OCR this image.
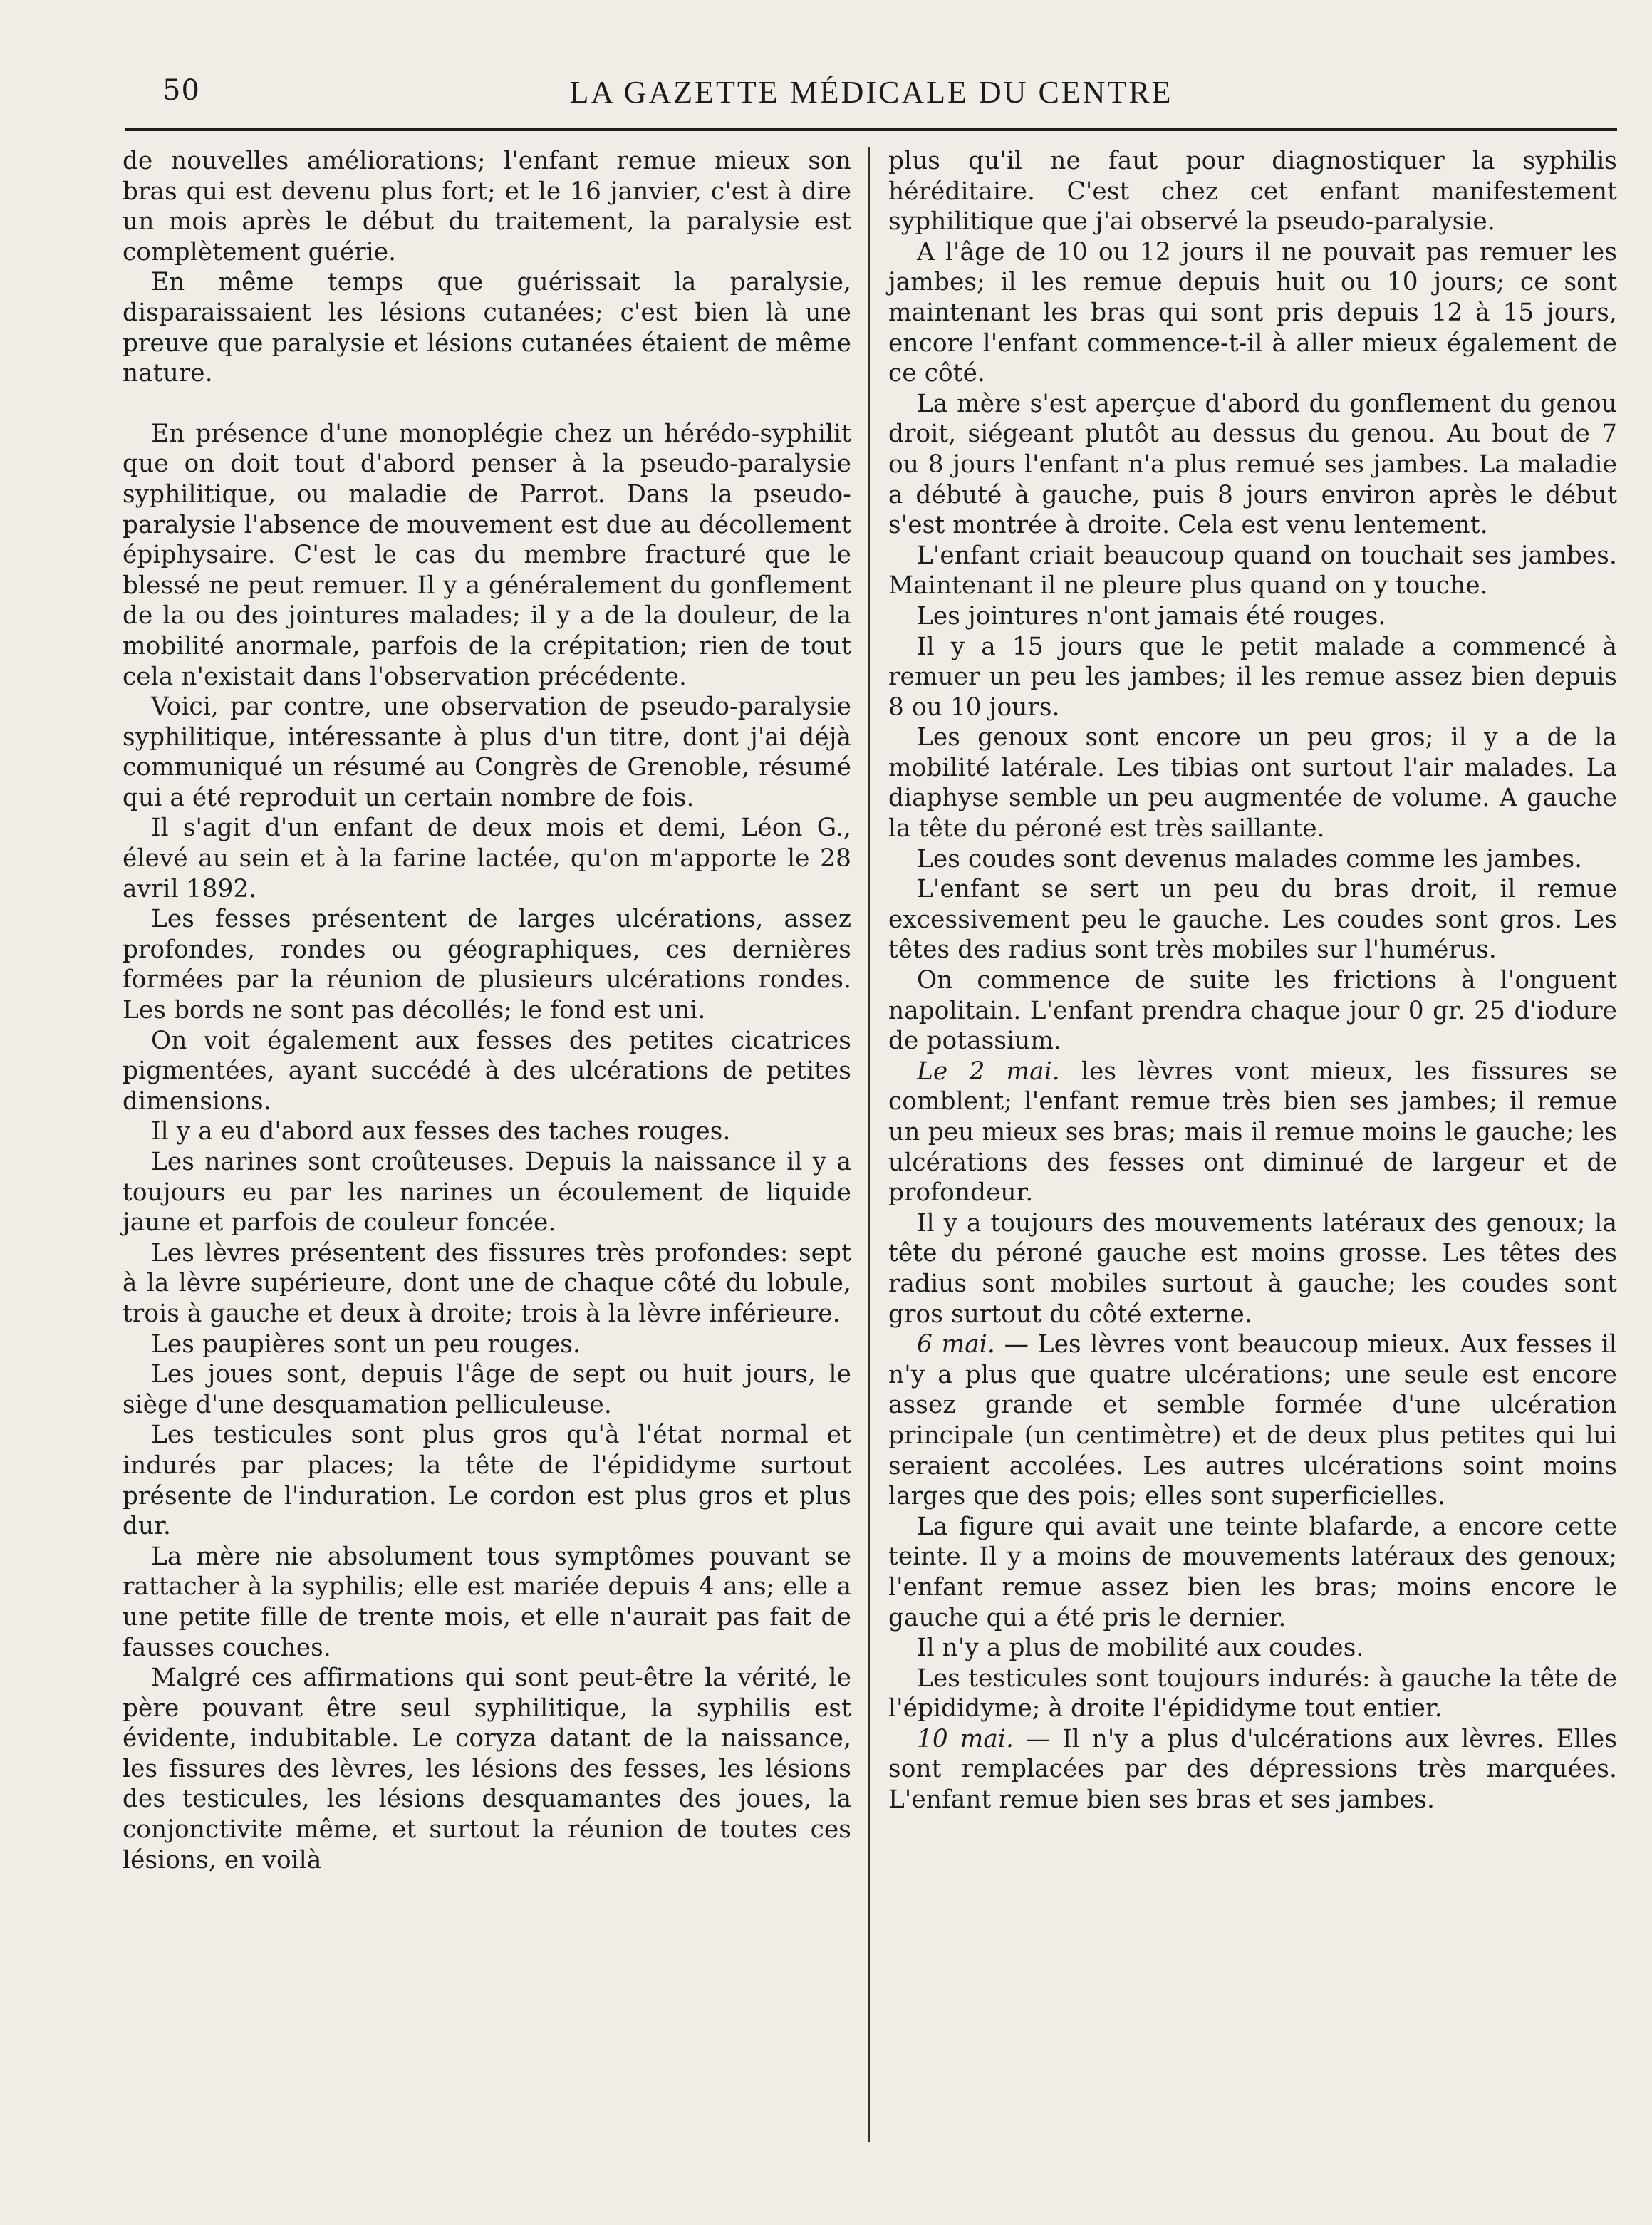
50	LA GAZETTE MÉDICALE DU CENTRE

de nouvelles améliorations; l'enfant remue mieux son bras qui est devenu plus fort; et le 16 janvier, c'est à dire un mois après le début du traitement, la paralysie est complètement guérie.

En même temps que guérissait la paralysie, disparaissaient les lésions cutanées; c'est bien là une preuve que paralysie et lésions cutanées étaient de même nature.

En présence d'une monoplégie chez un hérédo-syphilit que on doit tout d'abord penser à la pseudo-paralysie syphilitique, ou maladie de Parrot. Dans la pseudo-paralysie l'absence de mouvement est due au décollement épiphysaire. C'est le cas du membre fracturé que le blessé ne peut remuer. Il y a généralement du gonflement de la ou des jointures malades; il y a de la douleur, de la mobilité anormale, parfois de la crépitation; rien de tout cela n'existait dans l'observation précédente.

Voici, par contre, une observation de pseudo-paralysie syphilitique, intéressante à plus d'un titre, dont j'ai déjà communiqué un résumé au Congrès de Grenoble, résumé qui a été reproduit un certain nombre de fois.

Il s'agit d'un enfant de deux mois et demi, Léon G., élevé au sein et à la farine lactée, qu'on m'apporte le 28 avril 1892.

Les fesses présentent de larges ulcérations, assez profondes, rondes ou géographiques, ces dernières formées par la réunion de plusieurs ulcérations rondes. Les bords ne sont pas décollés; le fond est uni.

On voit également aux fesses des petites cicatrices pigmentées, ayant succédé à des ulcérations de petites dimensions.

Il y a eu d'abord aux fesses des taches rouges.

Les narines sont croûteuses. Depuis la naissance il y a toujours eu par les narines un écoulement de liquide jaune et parfois de couleur foncée.

Les lèvres présentent des fissures très profondes: sept à la lèvre supérieure, dont une de chaque côté du lobule, trois à gauche et deux à droite; trois à la lèvre inférieure.

Les paupières sont un peu rouges.

Les joues sont, depuis l'âge de sept ou huit jours, le siège d'une desquamation pelliculeuse.

Les testicules sont plus gros qu'à l'état normal et indurés par places; la tête de l'épididyme surtout présente de l'induration. Le cordon est plus gros et plus dur.

La mère nie absolument tous symptômes pouvant se rattacher à la syphilis; elle est mariée depuis 4 ans; elle a une petite fille de trente mois, et elle n'aurait pas fait de fausses couches.

Malgré ces affirmations qui sont peut-être la vérité, le père pouvant être seul syphilitique, la syphilis est évidente, indubitable. Le coryza datant de la naissance, les fissures des lèvres, les lésions des fesses, les lésions des testicules, les lésions desquamantes des joues, la conjonctivite même, et surtout la réunion de toutes ces lésions, en voilà

plus qu'il ne faut pour diagnostiquer la syphilis héréditaire. C'est chez cet enfant manifestement syphilitique que j'ai observé la pseudo-paralysie.

A l'âge de 10 ou 12 jours il ne pouvait pas remuer les jambes; il les remue depuis huit ou 10 jours; ce sont maintenant les bras qui sont pris depuis 12 à 15 jours, encore l'enfant commence-t-il à aller mieux également de ce côté.

La mère s'est aperçue d'abord du gonflement du genou droit, siégeant plutôt au dessus du genou. Au bout de 7 ou 8 jours l'enfant n'a plus remué ses jambes. La maladie a débuté à gauche, puis 8 jours environ après le début s'est montrée à droite. Cela est venu lentement.

L'enfant criait beaucoup quand on touchait ses jambes. Maintenant il ne pleure plus quand on y touche.

Les jointures n'ont jamais été rouges.

Il y a 15 jours que le petit malade a commencé à remuer un peu les jambes; il les remue assez bien depuis 8 ou 10 jours.

Les genoux sont encore un peu gros; il y a de la mobilité latérale. Les tibias ont surtout l'air malades. La diaphyse semble un peu augmentée de volume. A gauche la tête du péroné est très saillante.

Les coudes sont devenus malades comme les jambes.

L'enfant se sert un peu du bras droit, il remue excessivement peu le gauche. Les coudes sont gros. Les têtes des radius sont très mobiles sur l'humérus.

On commence de suite les frictions à l'onguent napolitain. L'enfant prendra chaque jour 0 gr. 25 d'iodure de potassium.

Le 2 mai. les lèvres vont mieux, les fissures se comblent; l'enfant remue très bien ses jambes; il remue un peu mieux ses bras; mais il remue moins le gauche; les ulcérations des fesses ont diminué de largeur et de profondeur.

Il y a toujours des mouvements latéraux des genoux; la tête du péroné gauche est moins grosse. Les têtes des radius sont mobiles surtout à gauche; les coudes sont gros surtout du côté externe.

6 mai. — Les lèvres vont beaucoup mieux. Aux fesses il n'y a plus que quatre ulcérations; une seule est encore assez grande et semble formée d'une ulcération principale (un centimètre) et de deux plus petites qui lui seraient accolées. Les autres ulcérations soint moins larges que des pois; elles sont superficielles.

La figure qui avait une teinte blafarde, a encore cette teinte. Il y a moins de mouvements latéraux des genoux; l'enfant remue assez bien les bras; moins encore le gauche qui a été pris le dernier.

Il n'y a plus de mobilité aux coudes.

Les testicules sont toujours indurés: à gauche la tête de l'épididyme; à droite l'épididyme tout entier.

10 mai. — Il n'y a plus d'ulcérations aux lèvres. Elles sont remplacées par des dépressions très marquées. L'enfant remue bien ses bras et ses jambes.
